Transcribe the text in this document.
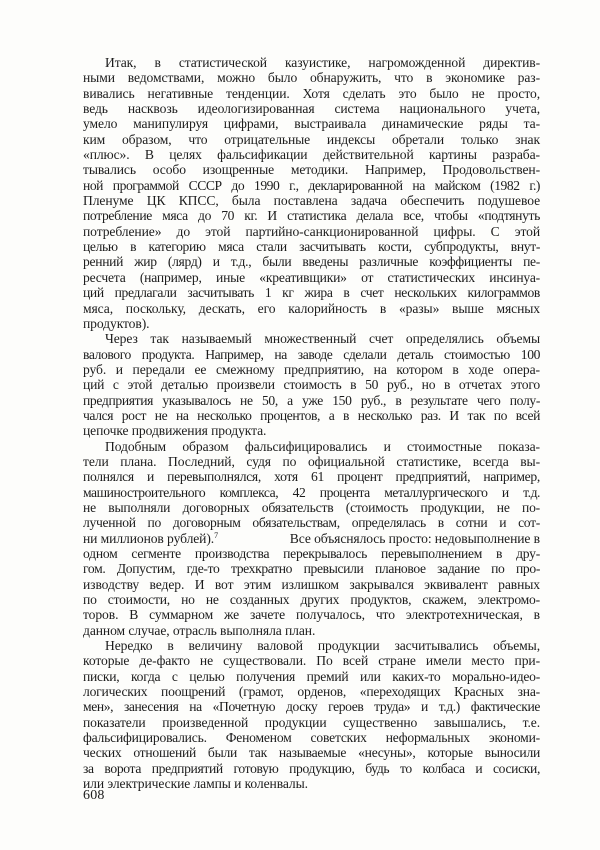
Итак, в статистической казуистике, нагроможденной директив-
ными ведомствами, можно было обнаружить, что в экономике раз-
вивались негативные тенденции. Хотя сделать это было не просто,
ведь насквозь идеологизированная система национального учета,
умело манипулируя цифрами, выстраивала динамические ряды та-
ким образом, что отрицательные индексы обретали только знак
«плюс». В целях фальсификации действительной картины разраба-
тывались особо изощренные методики. Например, Продовольствен-
ной программой СССР до 1990 г., декларированной на майском (1982 г.)
Пленуме ЦК КПСС, была поставлена задача обеспечить подушевое
потребление мяса до 70 кг. И статистика делала все, чтобы «подтянуть
потребление» до этой партийно-санкционированной цифры. С этой
целью в категорию мяса стали засчитывать кости, субпродукты, внут-
ренний жир (лярд) и т.д., были введены различные коэффициенты пе-
ресчета (например, иные «креативщики» от статистических инсинуа-
ций предлагали засчитывать 1 кг жира в счет нескольких килограммов
мяса, поскольку, дескать, его калорийность в «разы» выше мясных
продуктов).
Через так называемый множественный счет определялись объемы
валового продукта. Например, на заводе сделали деталь стоимостью 100
руб. и передали ее смежному предприятию, на котором в ходе опера-
ций с этой деталью произвели стоимость в 50 руб., но в отчетах этого
предприятия указывалось не 50, а уже 150 руб., в результате чего полу-
чался рост не на несколько процентов, а в несколько раз. И так по всей
цепочке продвижения продукта.
Подобным образом фальсифицировались и стоимостные показа-
тели плана. Последний, судя по официальной статистике, всегда вы-
полнялся и перевыполнялся, хотя 61 процент предприятий, например,
машиностроительного комплекса, 42 процента металлургического и т.д.
не выполняли договорных обязательств (стоимость продукции, не по-
лученной по договорным обязательствам, определялась в сотни и сот-
ни миллионов рублей).$^7$	Все объяснялось просто: недовыполнение в
одном сегменте производства перекрывалось перевыполнением в дру-
гом. Допустим, где-то трехкратно превысили плановое задание по про-
изводству ведер. И вот этим излишком закрывался эквивалент равных
по стоимости, но не созданных других продуктов, скажем, электромо-
торов. В суммарном же зачете получалось, что электротехническая, в
данном случае, отрасль выполняла план.
Нередко в величину валовой продукции засчитывались объемы,
которые де-факто не существовали. По всей стране имели место при-
писки, когда с целью получения премий или каких-то морально-идео-
логических поощрений (грамот, орденов, «переходящих Красных зна-
мен», занесения на «Почетную доску героев труда» и т.д.) фактические
показатели произведенной продукции существенно завышались, т.е.
фальсифицировались. Феноменом советских неформальных экономи-
ческих отношений были так называемые «несуны», которые выносили
за ворота предприятий готовую продукцию, будь то колбаса и сосиски,
или электрические лампы и коленвалы.
608
